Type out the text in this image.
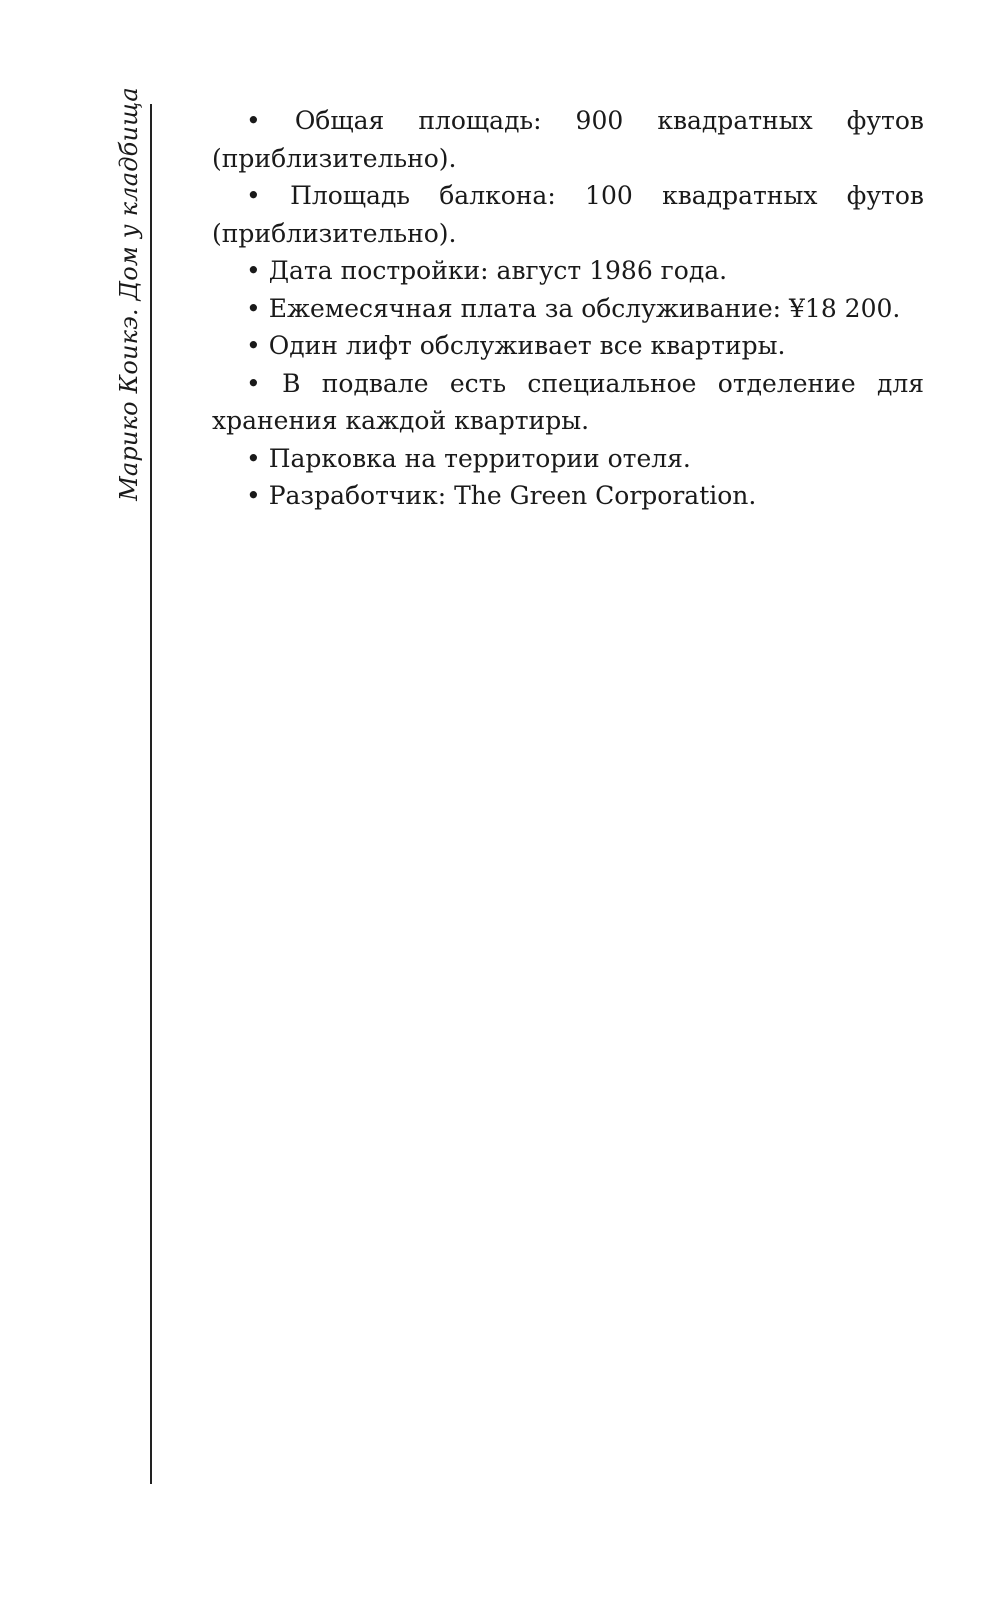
Марико Коикэ. Дом у кладбища	• Общая площадь: 900 квадратных футов (приблизительно).

• Площадь балкона: 100 квадратных футов (приблизительно).

• Дата постройки: август 1986 года.

• Ежемесячная плата за обслуживание: ¥18 200.

• Один лифт обслуживает все квартиры.

• В подвале есть специальное отделение для хранения каждой квартиры.

• Парковка на территории отеля.

• Разработчик: The Green Corporation.
